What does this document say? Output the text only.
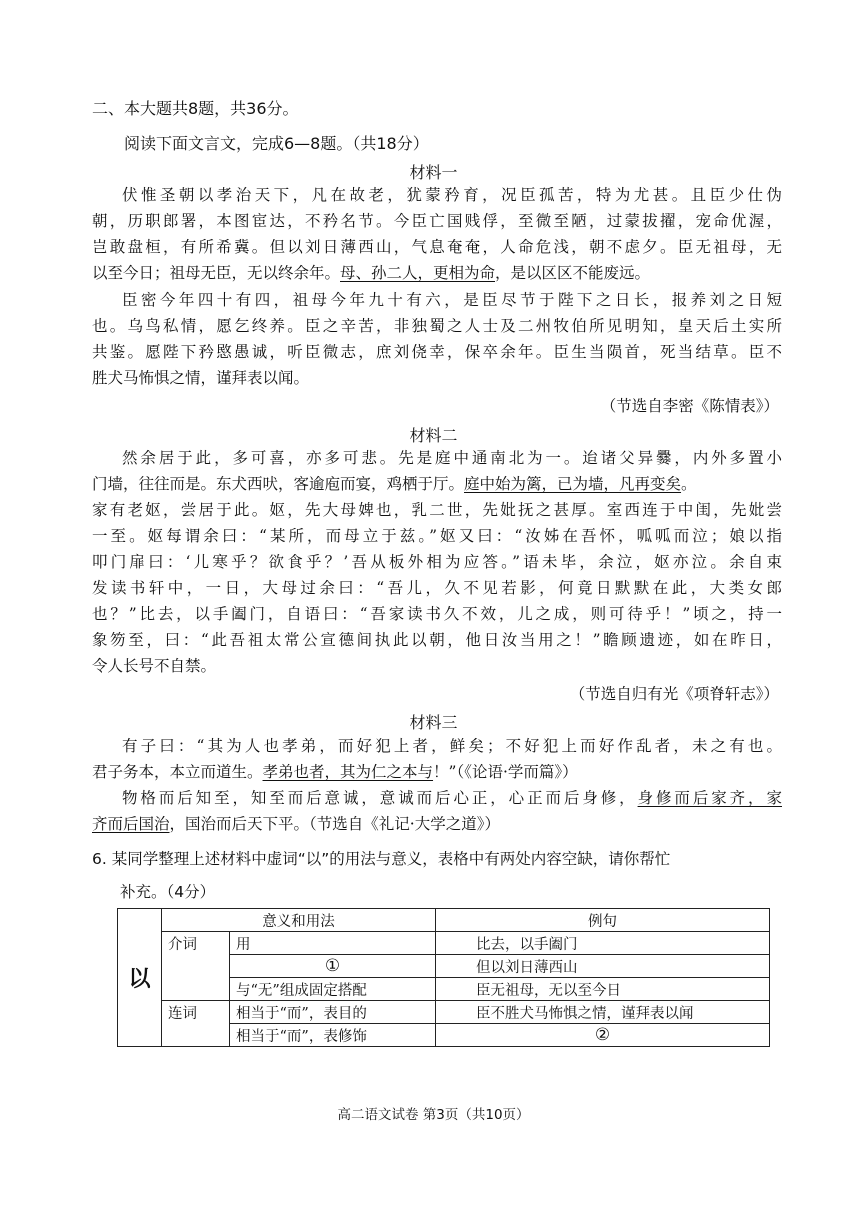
二、本大题共8题，共36分。
阅读下面文言文，完成6—8题。（共18分）
材料一
伏惟圣朝以孝治天下，凡在故老，犹蒙矜育，况臣孤苦，特为尤甚。且臣少仕伪
朝，历职郎署，本图宦达，不矜名节。今臣亡国贱俘，至微至陋，过蒙拔擢，宠命优渥，
岂敢盘桓，有所希冀。但以刘日薄西山，气息奄奄，人命危浅，朝不虑夕。臣无祖母，无
以至今日；祖母无臣，无以终余年。母、孙二人，更相为命，是以区区不能废远。
臣密今年四十有四，祖母今年九十有六，是臣尽节于陛下之日长，报养刘之日短
也。乌鸟私情，愿乞终养。臣之辛苦，非独蜀之人士及二州牧伯所见明知，皇天后土实所
共鉴。愿陛下矜愍愚诚，听臣微志，庶刘侥幸，保卒余年。臣生当陨首，死当结草。臣不
胜犬马怖惧之情，谨拜表以闻。
（节选自李密《陈情表》）
材料二
然余居于此，多可喜，亦多可悲。先是庭中通南北为一。迨诸父异爨，内外多置小
门墙，往往而是。东犬西吠，客逾庖而宴，鸡栖于厅。庭中始为篱，已为墙，凡再变矣。
家有老妪，尝居于此。妪，先大母婢也，乳二世，先妣抚之甚厚。室西连于中闺，先妣尝
一至。妪每谓余曰：“某所，而母立于兹。”妪又曰：“汝姊在吾怀，呱呱而泣；娘以指
叩门扉曰：‘儿寒乎？欲食乎？’吾从板外相为应答。”语未毕，余泣，妪亦泣。余自束
发读书轩中，一日，大母过余曰：“吾儿，久不见若影，何竟日默默在此，大类女郎
也？”比去，以手阖门，自语曰：“吾家读书久不效，儿之成，则可待乎！”顷之，持一
象笏至，曰：“此吾祖太常公宣德间执此以朝，他日汝当用之！”瞻顾遗迹，如在昨日，
令人长号不自禁。
（节选自归有光《项脊轩志》）
材料三
有子曰：“其为人也孝弟，而好犯上者，鲜矣；不好犯上而好作乱者，未之有也。
君子务本，本立而道生。孝弟也者，其为仁之本与！”（《论语·学而篇》）
物格而后知至，知至而后意诚，意诚而后心正，心正而后身修，身修而后家齐，家
齐而后国治，国治而后天下平。（节选自《礼记·大学之道》）
6. 某同学整理上述材料中虚词“以”的用法与意义，表格中有两处内容空缺，请你帮忙
补充。（4分）
以	意义和用法		例句
	介词	用	比去，以手阖门
		①	但以刘日薄西山
		与“无”组成固定搭配	臣无祖母，无以至今日
	连词	相当于“而”，表目的	臣不胜犬马怖惧之情，谨拜表以闻
		相当于“而”，表修饰	②
高二语文试卷 第3页（共10页）
